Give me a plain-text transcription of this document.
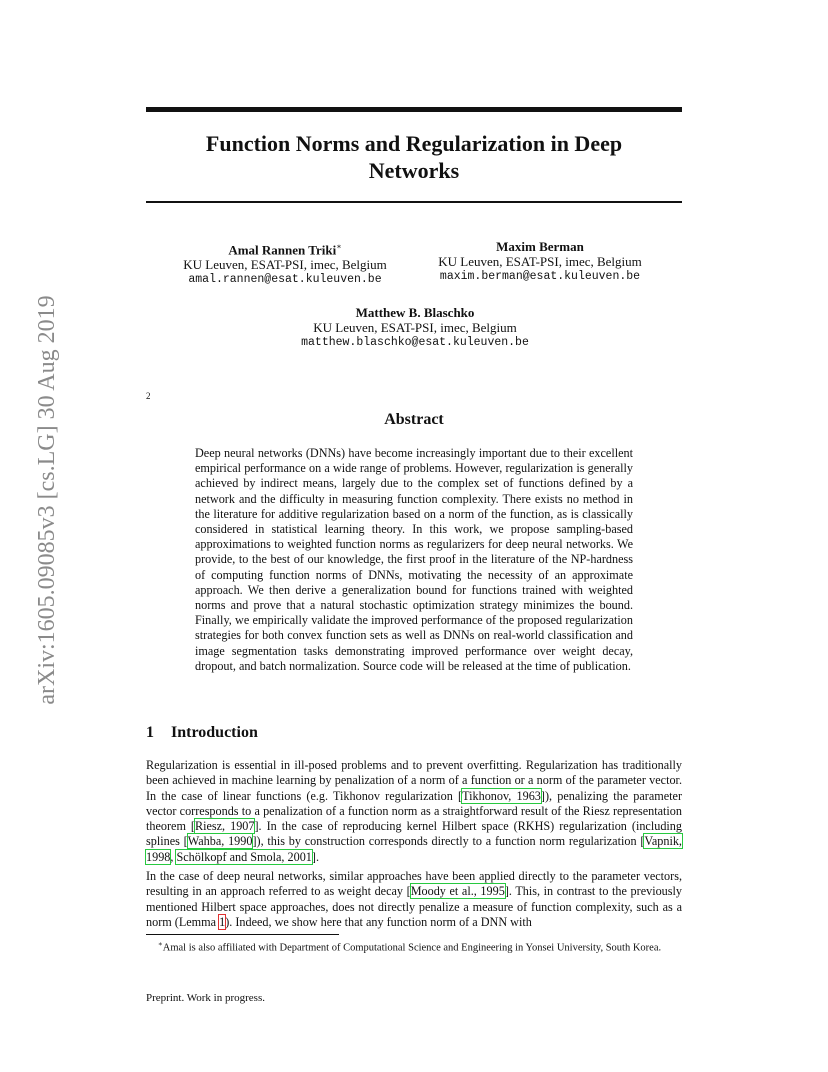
arXiv:1605.09085v3 [cs.LG] 30 Aug 2019
Function Norms and Regularization in Deep
Networks
Amal Rannen Triki∗
KU Leuven, ESAT-PSI, imec, Belgium
amal.rannen@esat.kuleuven.be
Maxim Berman
KU Leuven, ESAT-PSI, imec, Belgium
maxim.berman@esat.kuleuven.be
Matthew B. Blaschko
KU Leuven, ESAT-PSI, imec, Belgium
matthew.blaschko@esat.kuleuven.be
2
Abstract

Deep neural networks (DNNs) have become increasingly important due to their excellent empirical performance on a wide range of problems. However, regularization is generally achieved by indirect means, largely due to the complex set of functions defined by a network and the difficulty in measuring function complexity. There exists no method in the literature for additive regularization based on a norm of the function, as is classically considered in statistical learning theory. In this work, we propose sampling-based approximations to weighted function norms as regularizers for deep neural networks. We provide, to the best of our knowledge, the first proof in the literature of the NP-hardness of computing function norms of DNNs, motivating the necessity of an approximate approach. We then derive a generalization bound for functions trained with weighted norms and prove that a natural stochastic optimization strategy minimizes the bound. Finally, we empirically validate the improved performance of the proposed regularization strategies for both convex function sets as well as DNNs on real-world classification and image segmentation tasks demonstrating improved performance over weight decay, dropout, and batch normalization. Source code will be released at the time of publication.

1 Introduction

Regularization is essential in ill-posed problems and to prevent overfitting. Regularization has traditionally been achieved in machine learning by penalization of a norm of a function or a norm of the parameter vector. In the case of linear functions (e.g. Tikhonov regularization [Tikhonov, 1963]), penalizing the parameter vector corresponds to a penalization of a function norm as a straightforward result of the Riesz representation theorem [Riesz, 1907]. In the case of reproducing kernel Hilbert space (RKHS) regularization (including splines [Wahba, 1990]), this by construction corresponds directly to a function norm regularization [Vapnik, 1998, Schölkopf and Smola, 2001].

In the case of deep neural networks, similar approaches have been applied directly to the parameter vectors, resulting in an approach referred to as weight decay [Moody et al., 1995]. This, in contrast to the previously mentioned Hilbert space approaches, does not directly penalize a measure of function complexity, such as a norm (Lemma 1). Indeed, we show here that any function norm of a DNN with

∗Amal is also affiliated with Department of Computational Science and Engineering in Yonsei University, South Korea.
Preprint. Work in progress.
